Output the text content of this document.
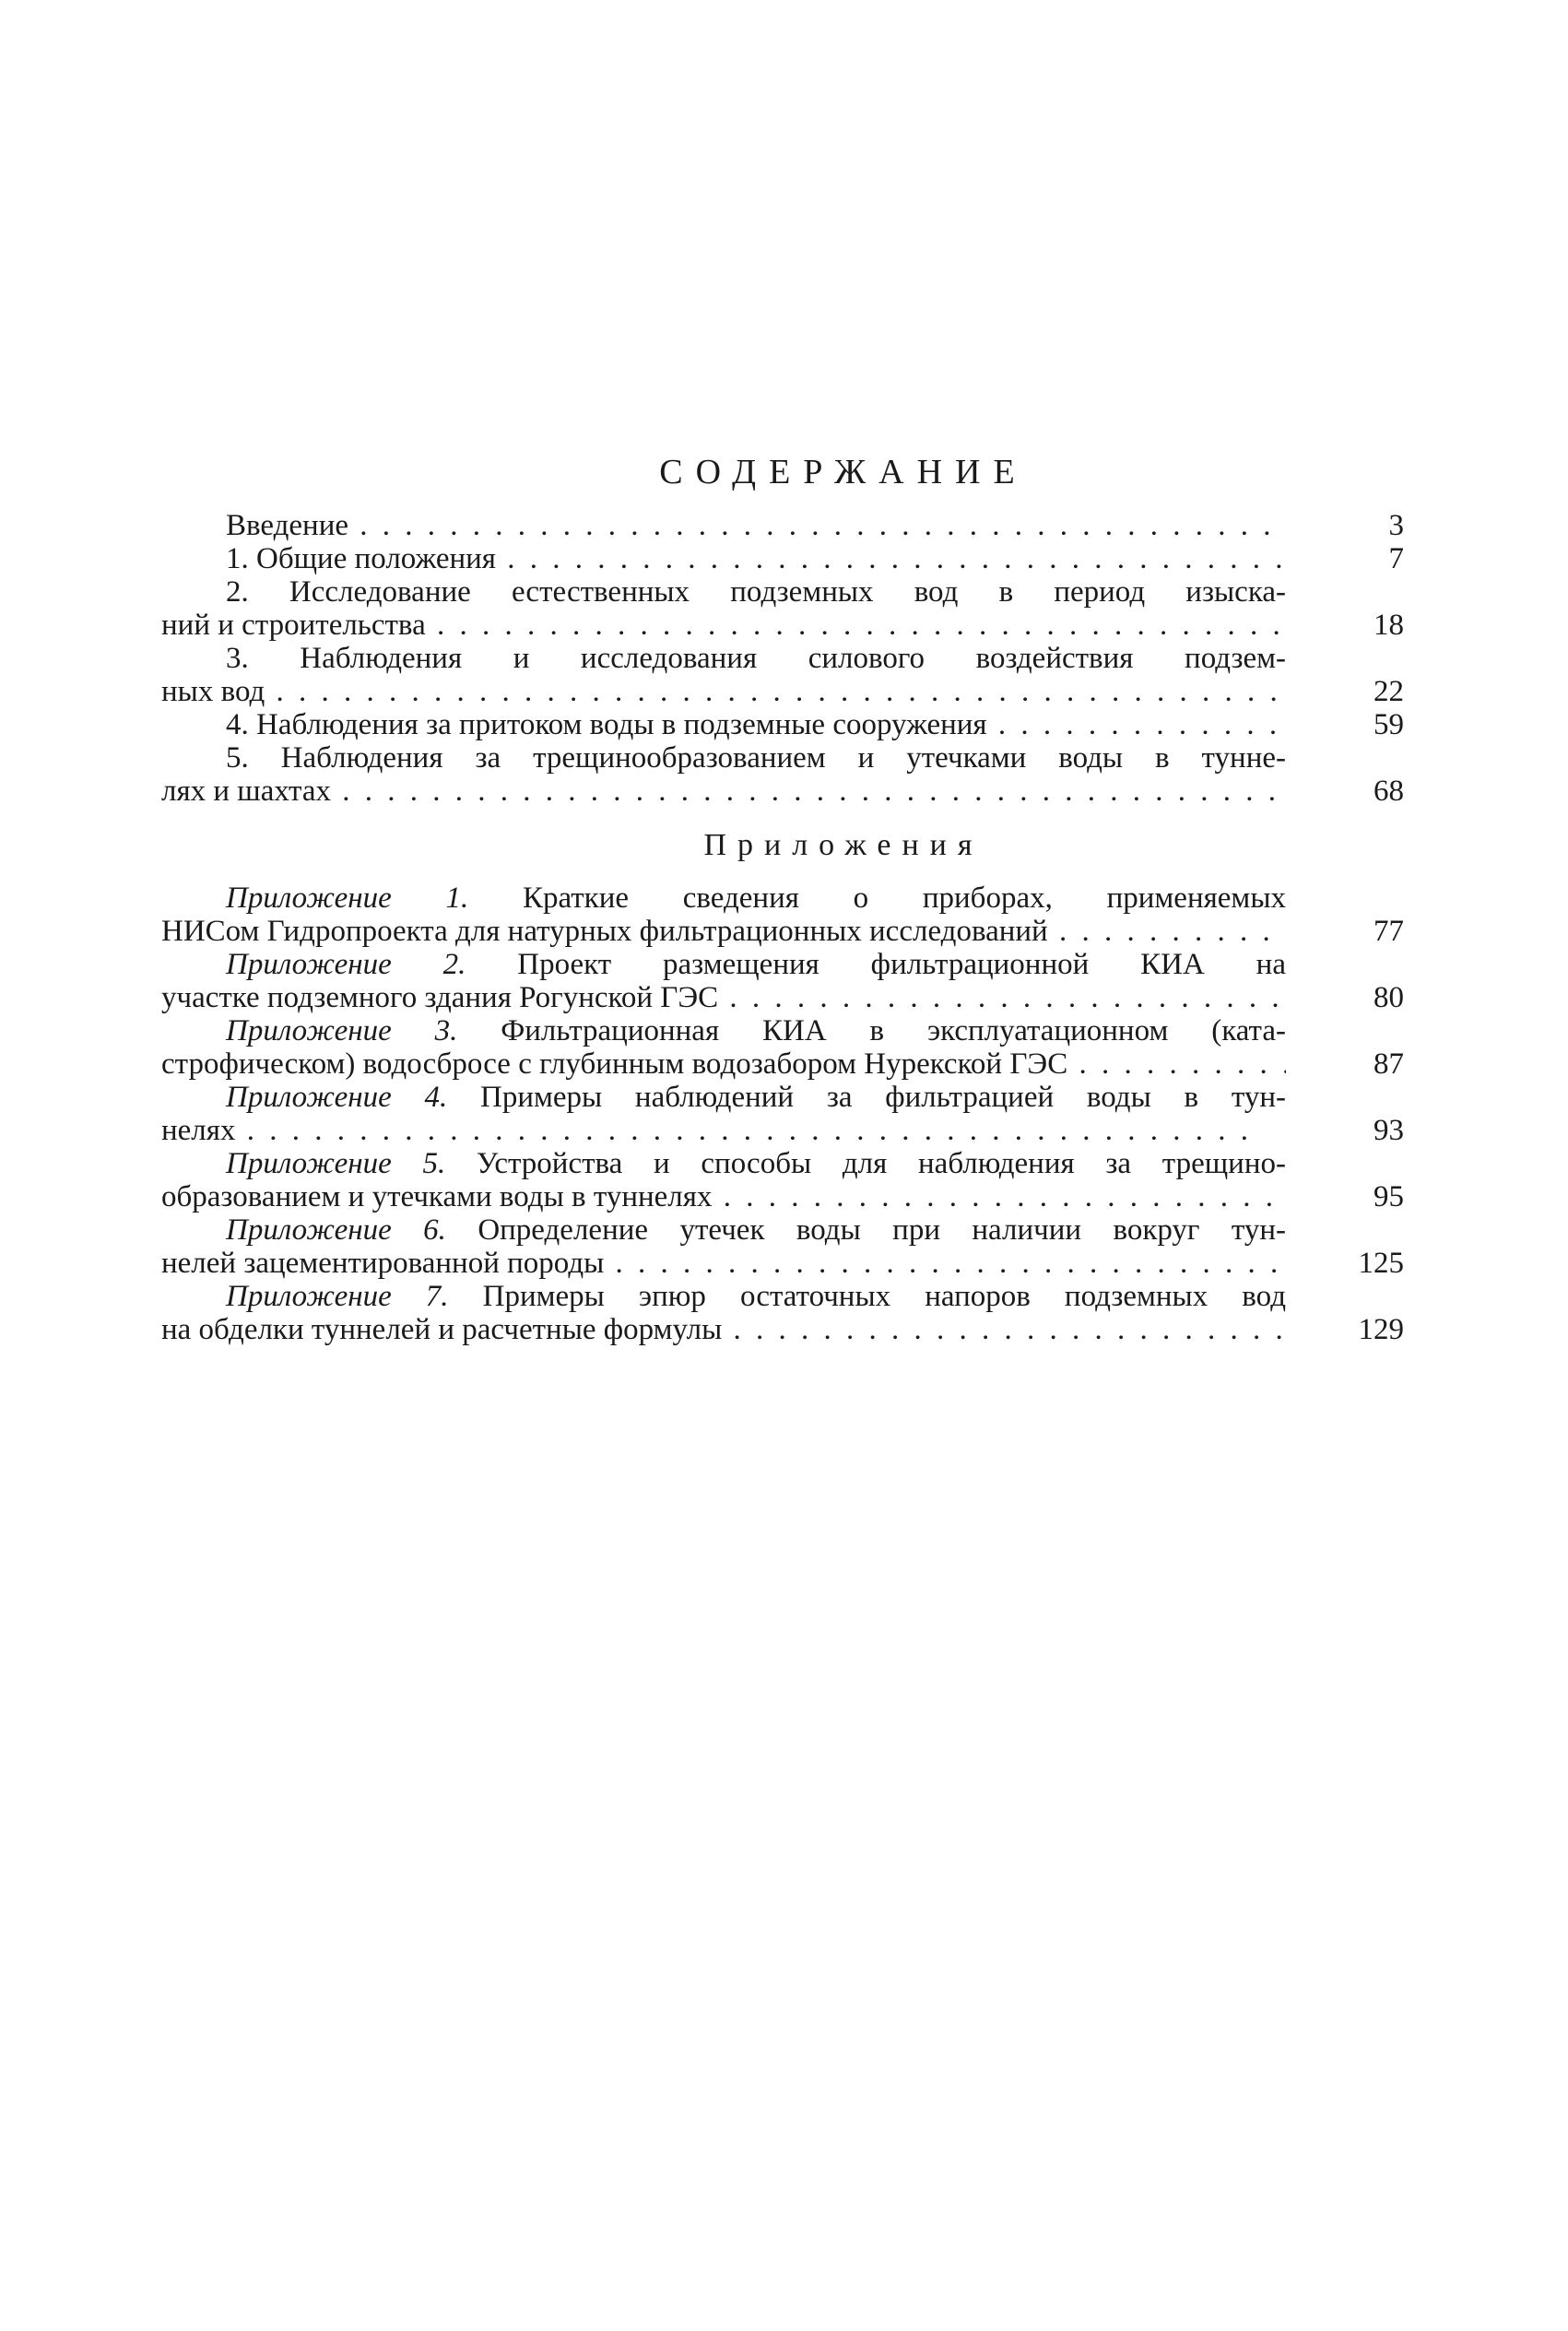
СОДЕРЖАНИЕ
Введение . .	3
1. Общие положения . .	7
2. Исследование естественных подземных вод в период изыска-
ний и строительства . .	18
3. Наблюдения и исследования силового воздействия подзем-
ных вод . .	22
4. Наблюдения за притоком воды в подземные сооружения . .	59
5. Наблюдения за трещинообразованием и утечками воды в тунне-
лях и шахтах . .	68
Приложения
Приложение 1. Краткие сведения о приборах, применяемых
НИСом Гидропроекта для натурных фильтрационных исследований . .	77
Приложение 2. Проект размещения фильтрационной КИА на
участке подземного здания Рогунской ГЭС . .	80
Приложение 3. Фильтрационная КИА в эксплуатационном (ката-
строфическом) водосбросе с глубинным водозабором Нурекской ГЭС . .	87
Приложение 4. Примеры наблюдений за фильтрацией воды в тун-
нелях . .	93
Приложение 5. Устройства и способы для наблюдения за трещино-
образованием и утечками воды в туннелях . .	95
Приложение 6. Определение утечек воды при наличии вокруг тун-
нелей зацементированной породы . .	125
Приложение 7. Примеры эпюр остаточных напоров подземных вод
на обделки туннелей и расчетные формулы . .	129
